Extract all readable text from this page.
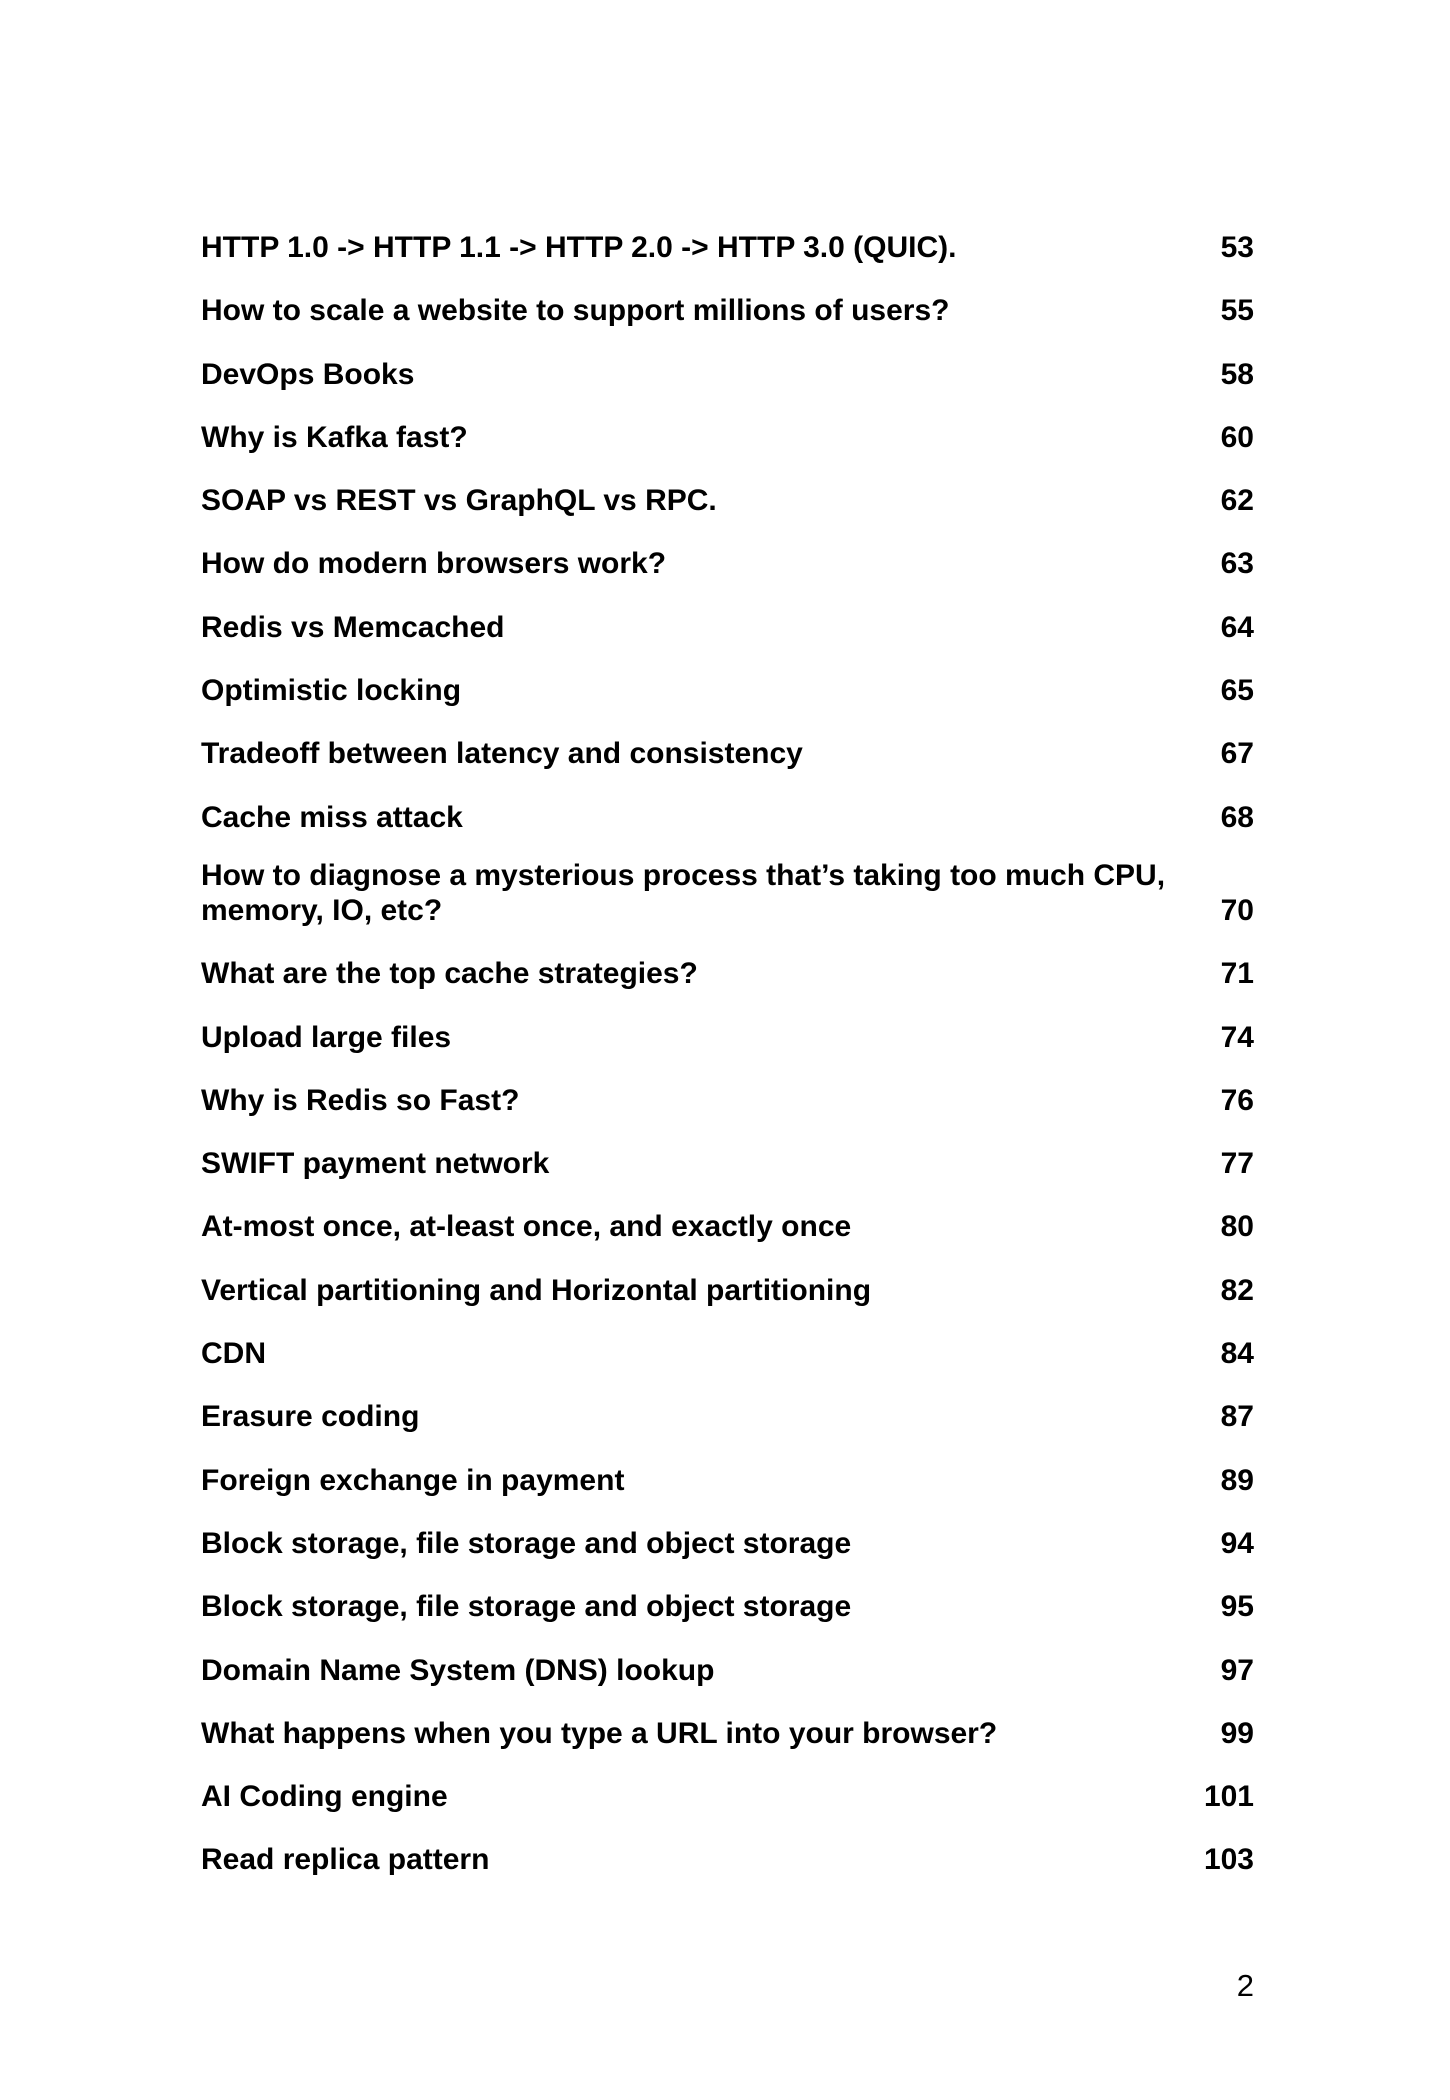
HTTP 1.0 -> HTTP 1.1 -> HTTP 2.0 -> HTTP 3.0 (QUIC).	53
How to scale a website to support millions of users?	55
DevOps Books	58
Why is Kafka fast?	60
SOAP vs REST vs GraphQL vs RPC.	62
How do modern browsers work?	63
Redis vs Memcached	64
Optimistic locking	65
Tradeoff between latency and consistency	67
Cache miss attack	68
How to diagnose a mysterious process that’s taking too much CPU, memory, IO, etc?	70
What are the top cache strategies?	71
Upload large files	74
Why is Redis so Fast?	76
SWIFT payment network	77
At-most once, at-least once, and exactly once	80
Vertical partitioning and Horizontal partitioning	82
CDN	84
Erasure coding	87
Foreign exchange in payment	89
Block storage, file storage and object storage	94
Block storage, file storage and object storage	95
Domain Name System (DNS) lookup	97
What happens when you type a URL into your browser?	99
AI Coding engine	101
Read replica pattern	103
2
